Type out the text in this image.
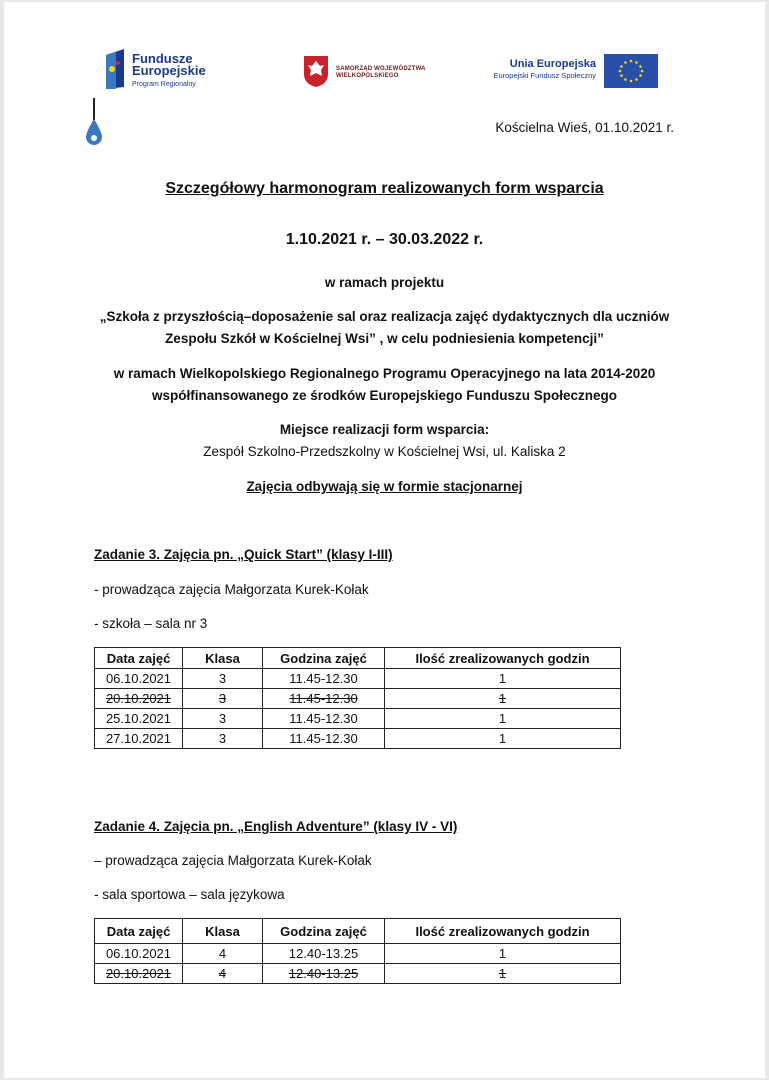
Fundusze
Europejskie
Program Regionalny
SAMORZĄD WOJEWÓDZTWA
WIELKOPOLSKIEGO
Unia Europejska
Europejski Fundusz Społeczny
Kościelna Wieś, 01.10.2021 r.
Szczegółowy harmonogram realizowanych form wsparcia
1.10.2021 r. – 30.03.2022 r.
w ramach projektu
„Szkoła z przyszłością–doposażenie sal oraz realizacja zajęć dydaktycznych dla uczniów
Zespołu Szkół w Kościelnej Wsi” , w celu podniesienia kompetencji”
w ramach Wielkopolskiego Regionalnego Programu Operacyjnego na lata 2014-2020
współfinansowanego ze środków Europejskiego Funduszu Społecznego
Miejsce realizacji form wsparcia:
Zespół Szkolno-Przedszkolny w Kościelnej Wsi, ul. Kaliska 2
Zajęcia odbywają się w formie stacjonarnej
Zadanie 3. Zajęcia pn. „Quick Start” (klasy I-III)
- prowadząca zajęcia Małgorzata Kurek-Kołak
- szkoła – sala nr 3
Data zajęć	Klasa	Godzina zajęć	Ilość zrealizowanych godzin
06.10.2021	3	11.45-12.30	1
20.10.2021	3	11.45-12.30	1
25.10.2021	3	11.45-12.30	1
27.10.2021	3	11.45-12.30	1
Zadanie 4. Zajęcia pn. „English Adventure” (klasy IV - VI)
– prowadząca zajęcia Małgorzata Kurek-Kołak
- sala sportowa – sala językowa
Data zajęć	Klasa	Godzina zajęć	Ilość zrealizowanych godzin
06.10.2021	4	12.40-13.25	1
20.10.2021	4	12.40-13.25	1
